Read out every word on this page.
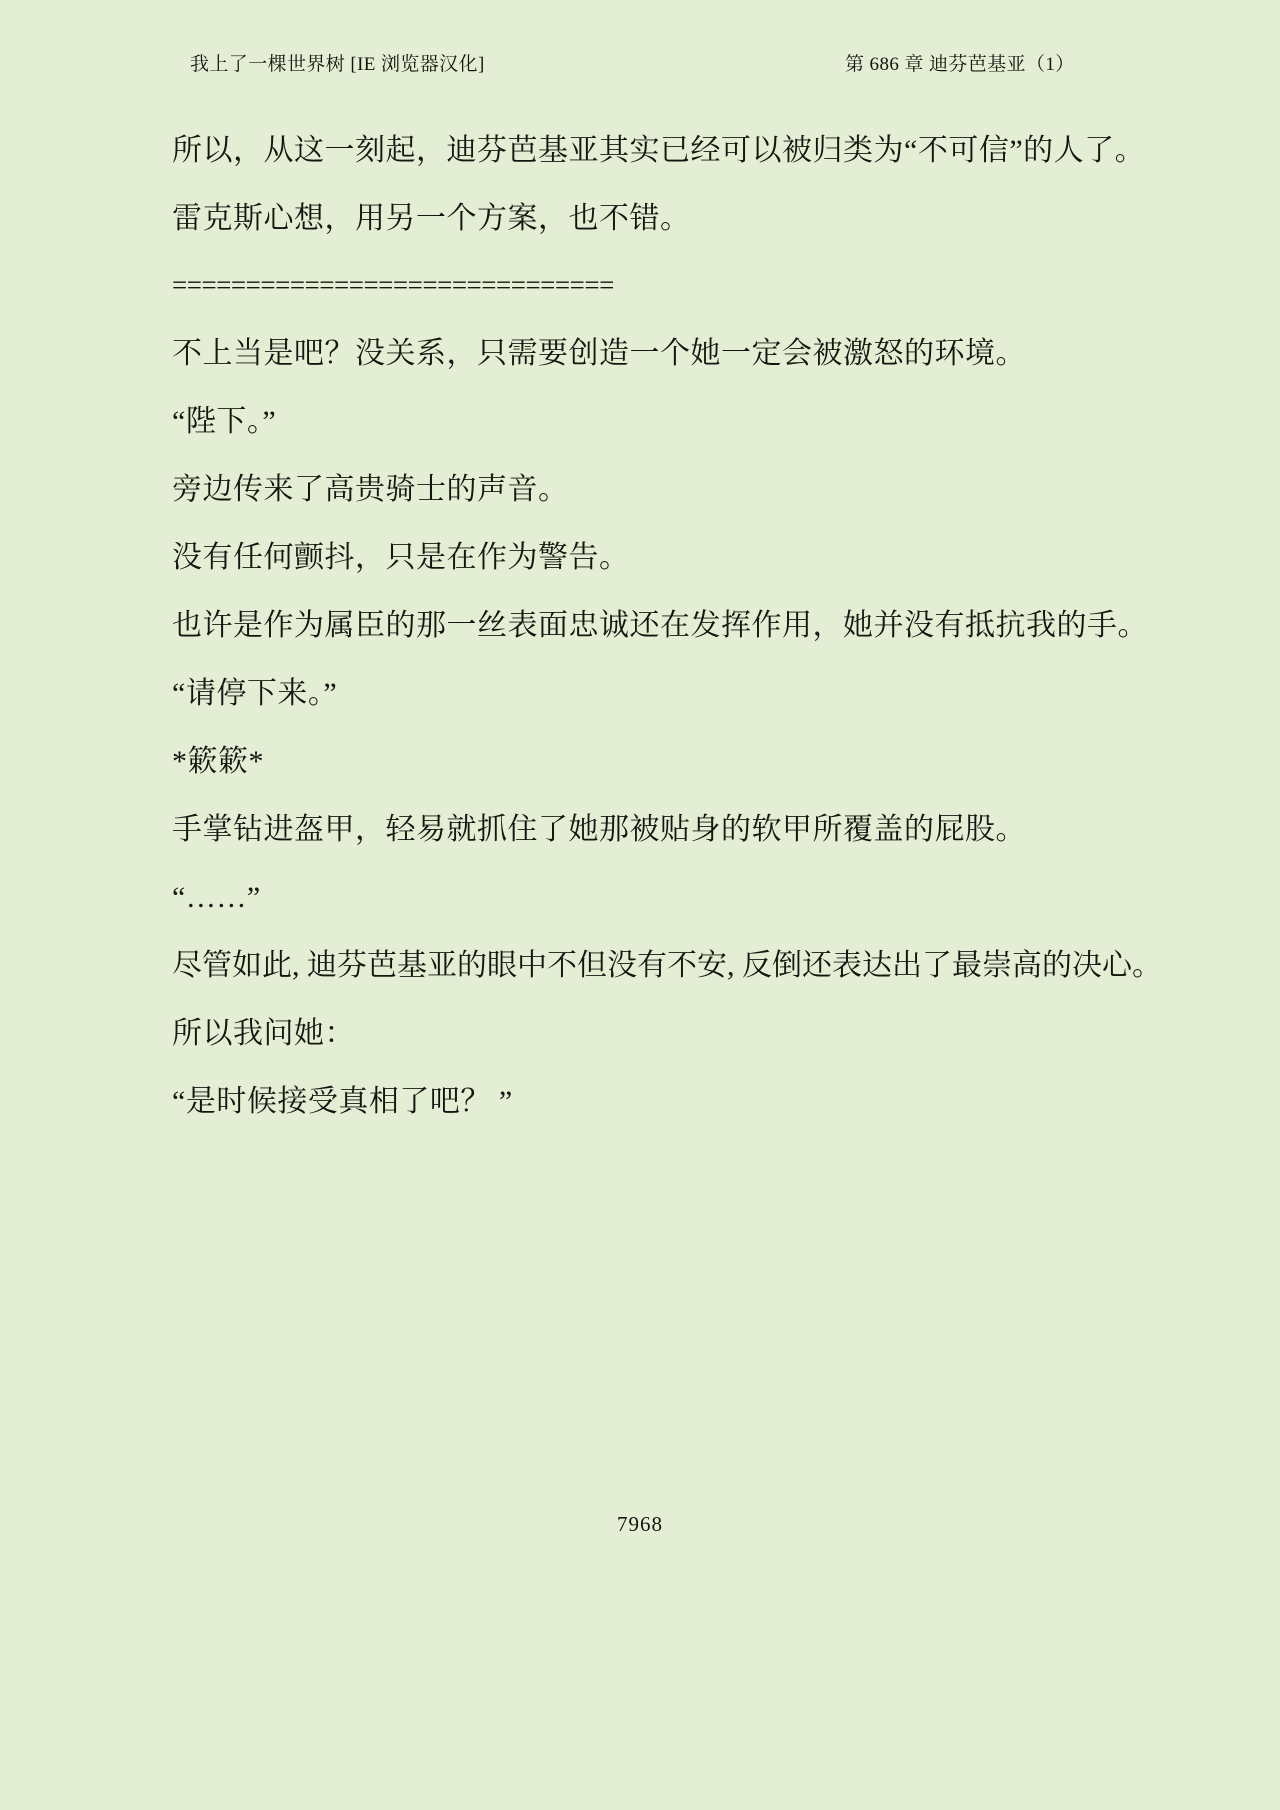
我上了一棵世界树 [IE 浏览器汉化]	第 686 章 迪芬芭基亚（1）

所以，从这一刻起，迪芬芭基亚其实已经可以被归类为“不可信”的人了。

雷克斯心想，用另一个方案，也不错。

==============================

不上当是吧？没关系，只需要创造一个她一定会被激怒的环境。

“陛下。”

旁边传来了高贵骑士的声音。

没有任何颤抖，只是在作为警告。

也许是作为属臣的那一丝表面忠诚还在发挥作用，她并没有抵抗我的手。

“请停下来。”

*簌簌*

手掌钻进盔甲，轻易就抓住了她那被贴身的软甲所覆盖的屁股。

“……”

尽管如此, 迪芬芭基亚的眼中不但没有不安, 反倒还表达出了最崇高的决心。

所以我问她：

“是时候接受真相了吧？ ”

7968
